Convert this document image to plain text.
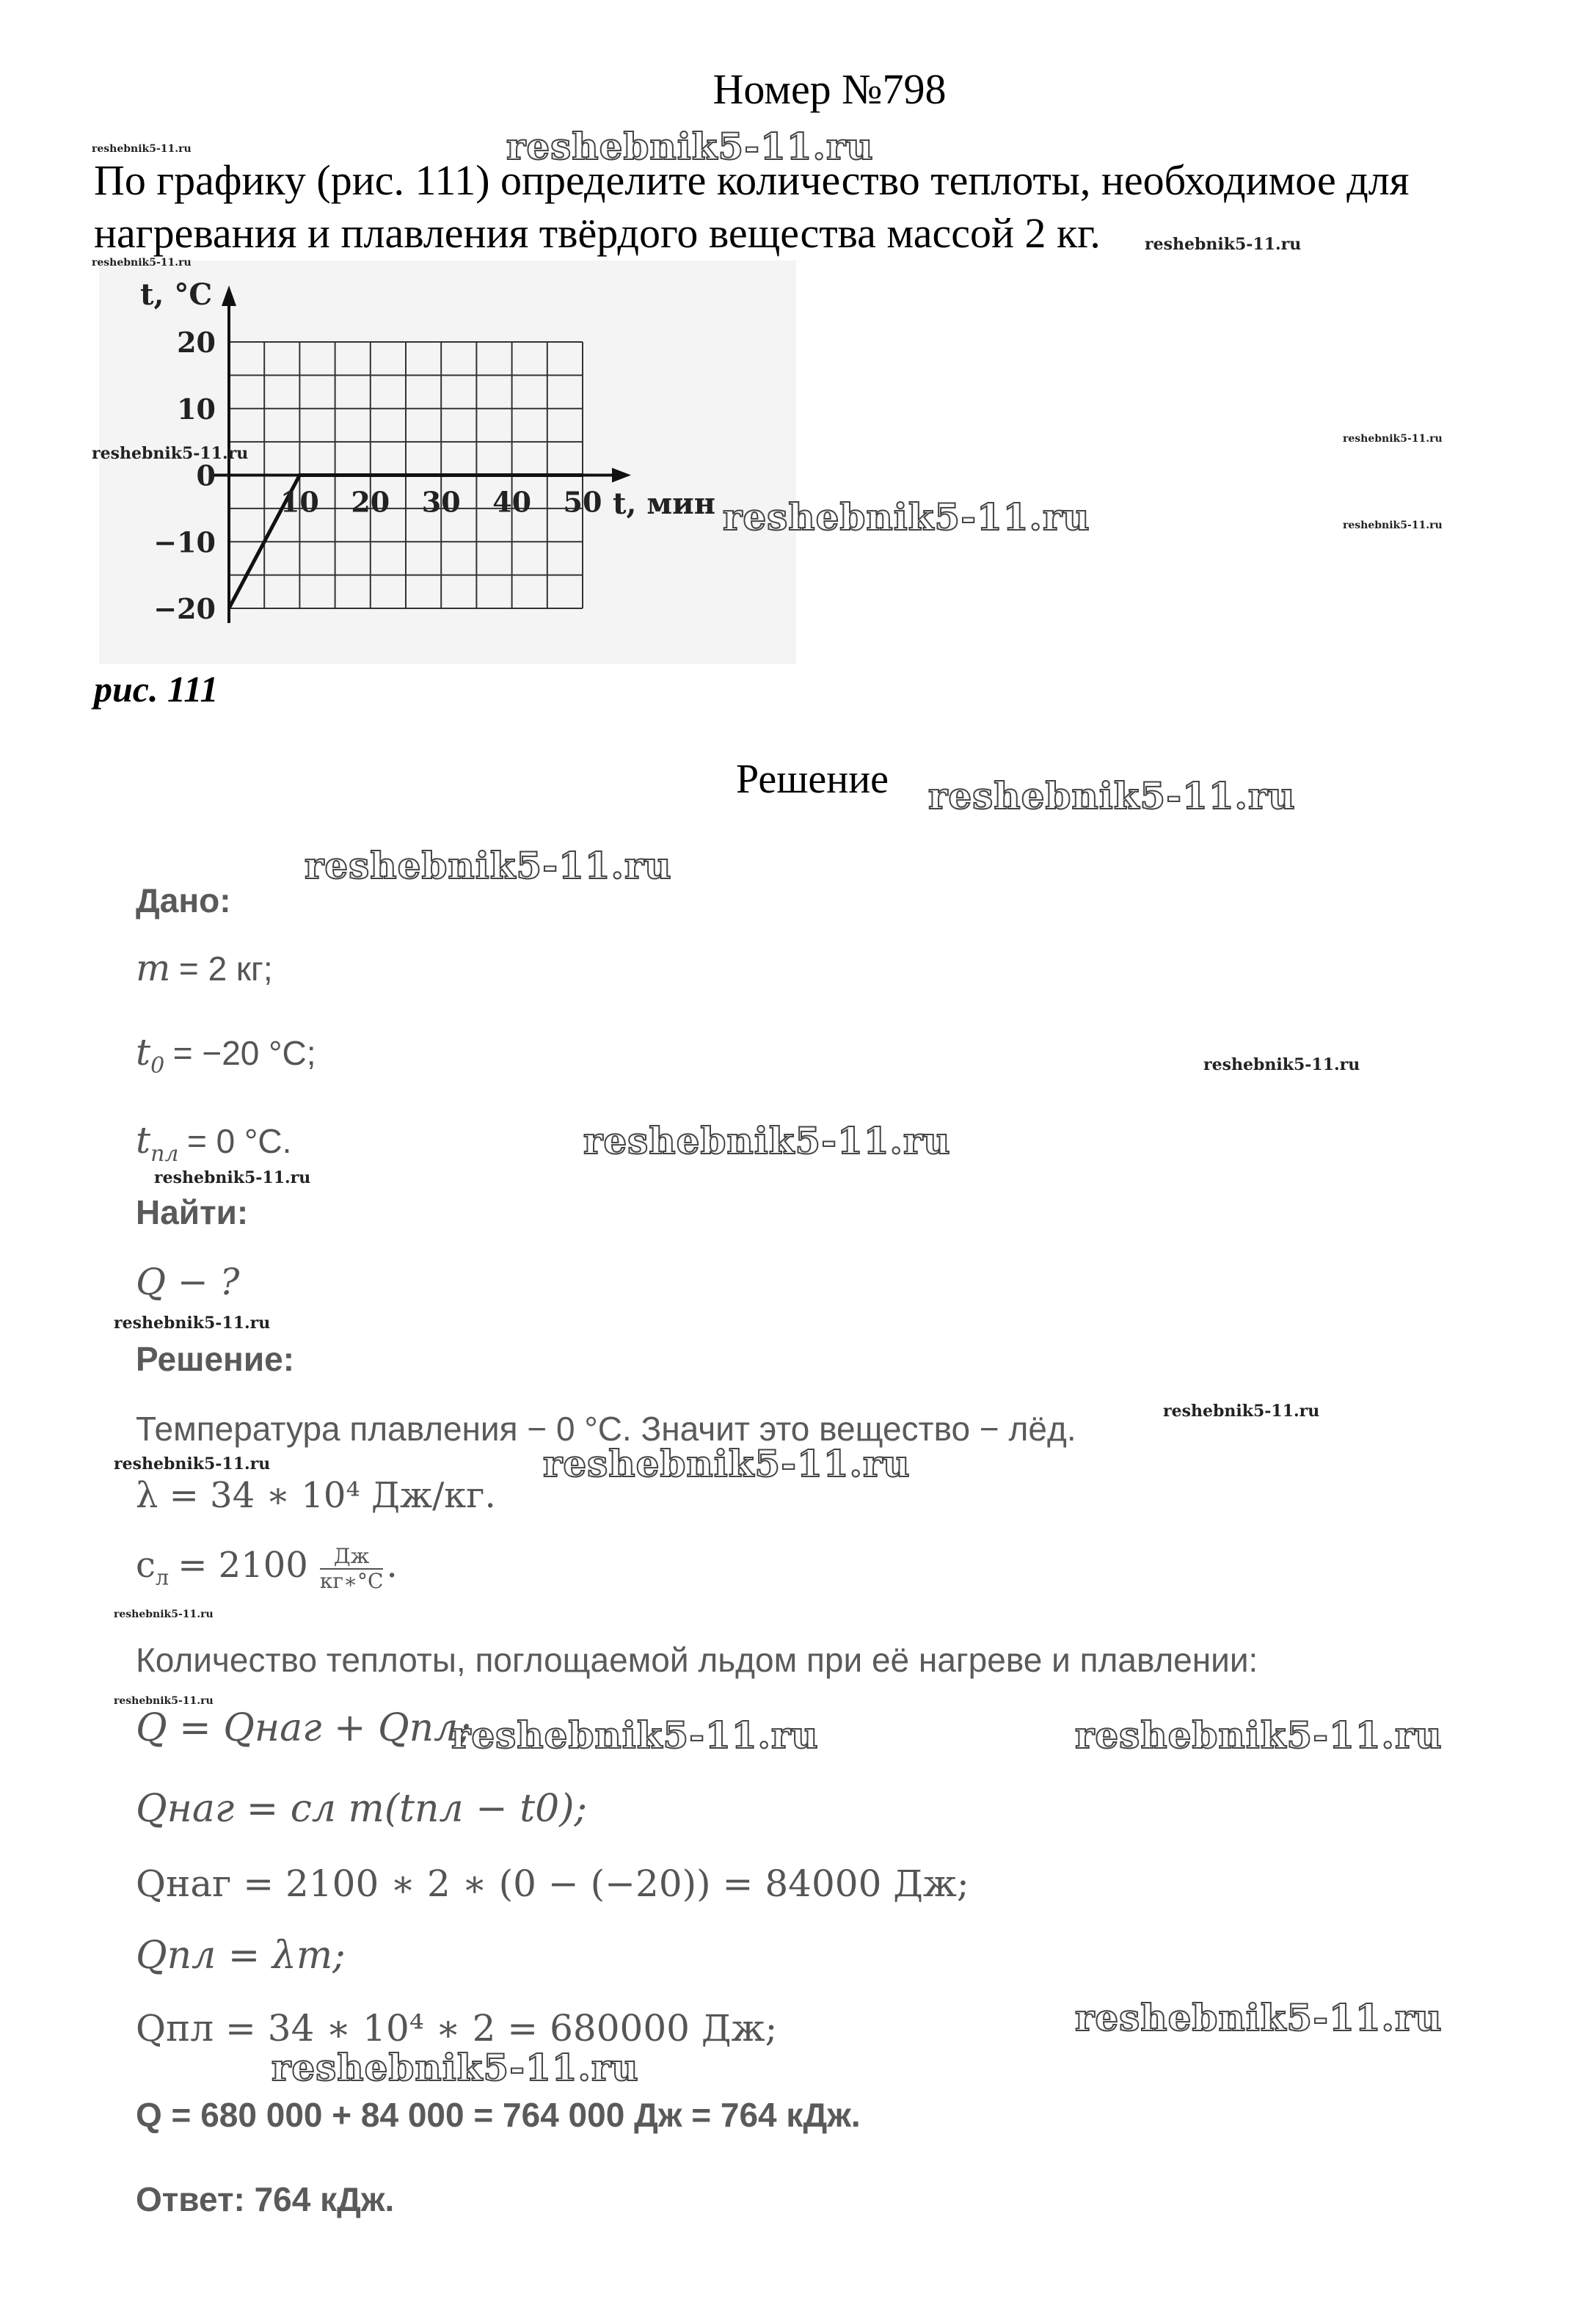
Номер №798
По графику (рис. 111) определите количество теплоты, необходимое для
нагревания и плавления твёрдого вещества массой 2 кг.
20
10
0
−10
−20
10 20 30 40 50
t, °C
t, мин
рис. 111
Решение
Дано:
m = 2 кг;
$t_0 = -20$ °С;
$t_{пл} = 0$ °С.
Найти:
Q − ?
Решение:
Температура плавления − 0 °С. Значит это вещество − лёд.
λ = 34 ∗ 10⁴ Дж/кг.
$c_л = 2100 \frac{Дж}{кг∗^\circ С}$ .
Количество теплоты, поглощаемой льдом при её нагреве и плавлении:
Q = Qнаг + Qпл;
Qнаг = cл m(tпл − t0);
Qнаг = 2100 ∗ 2 ∗ (0 − (−20)) = 84000 Дж;
Qпл = λm;
Qпл = 34 ∗ 10⁴ ∗ 2 = 680000 Дж;
Q = 680 000 + 84 000 = 764 000 Дж = 764 кДж.
Ответ: 764 кДж.
reshebnik5-11.ru
reshebnik5-11.ru
reshebnik5-11.ru
reshebnik5-11.ru
reshebnik5-11.ru
reshebnik5-11.ru
reshebnik5-11.ru	reshebnik5-11.ru
reshebnik5-11.ru
reshebnik5-11.ru
reshebnik5-11.ru
reshebnik5-11.ru
reshebnik5-11.ru
reshebnik5-11.ru
reshebnik5-11.ru
reshebnik5-11.ru	reshebnik5-11.ru
reshebnik5-11.ru
reshebnik5-11.ru
reshebnik5-11.ru	reshebnik5-11.ru
reshebnik5-11.ru
reshebnik5-11.ru
